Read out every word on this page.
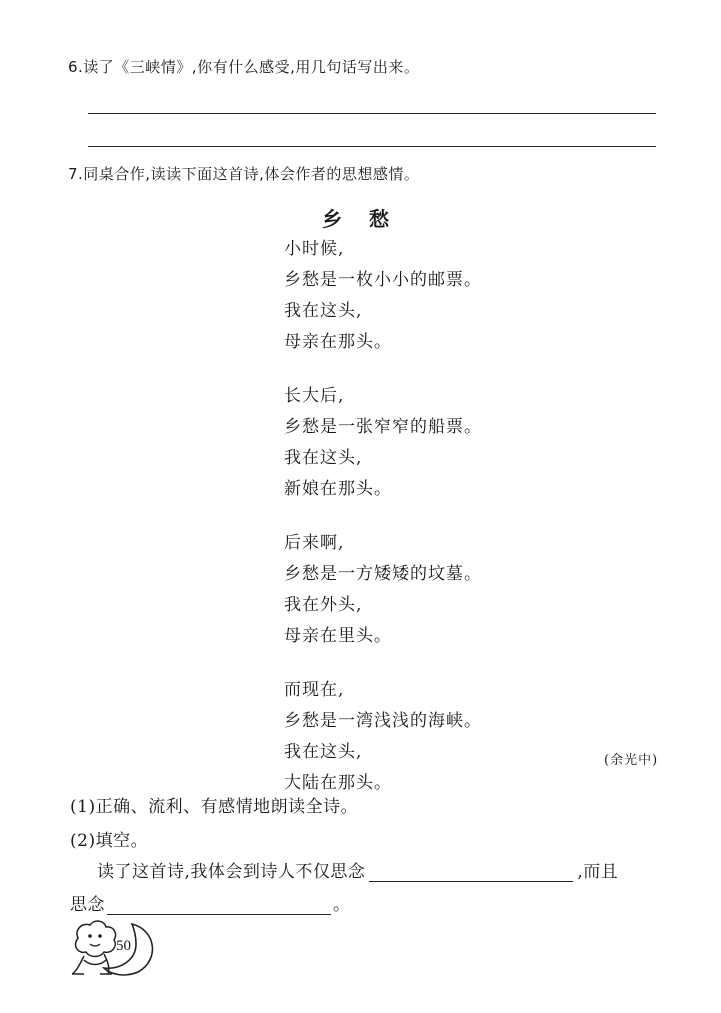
6.读了《三峡情》,你有什么感受,用几句话写出来。
7.同桌合作,读读下面这首诗,体会作者的思想感情。
乡 愁
小时候,
乡愁是一枚小小的邮票。
我在这头,
母亲在那头。
长大后,
乡愁是一张窄窄的船票。
我在这头,
新娘在那头。
后来啊,
乡愁是一方矮矮的坟墓。
我在外头,
母亲在里头。
而现在,
乡愁是一湾浅浅的海峡。
我在这头,
大陆在那头。
(余光中)
(1)正确、流利、有感情地朗读全诗。
(2)填空。
读了这首诗,我体会到诗人不仅思念	,而且
思念	。
50
